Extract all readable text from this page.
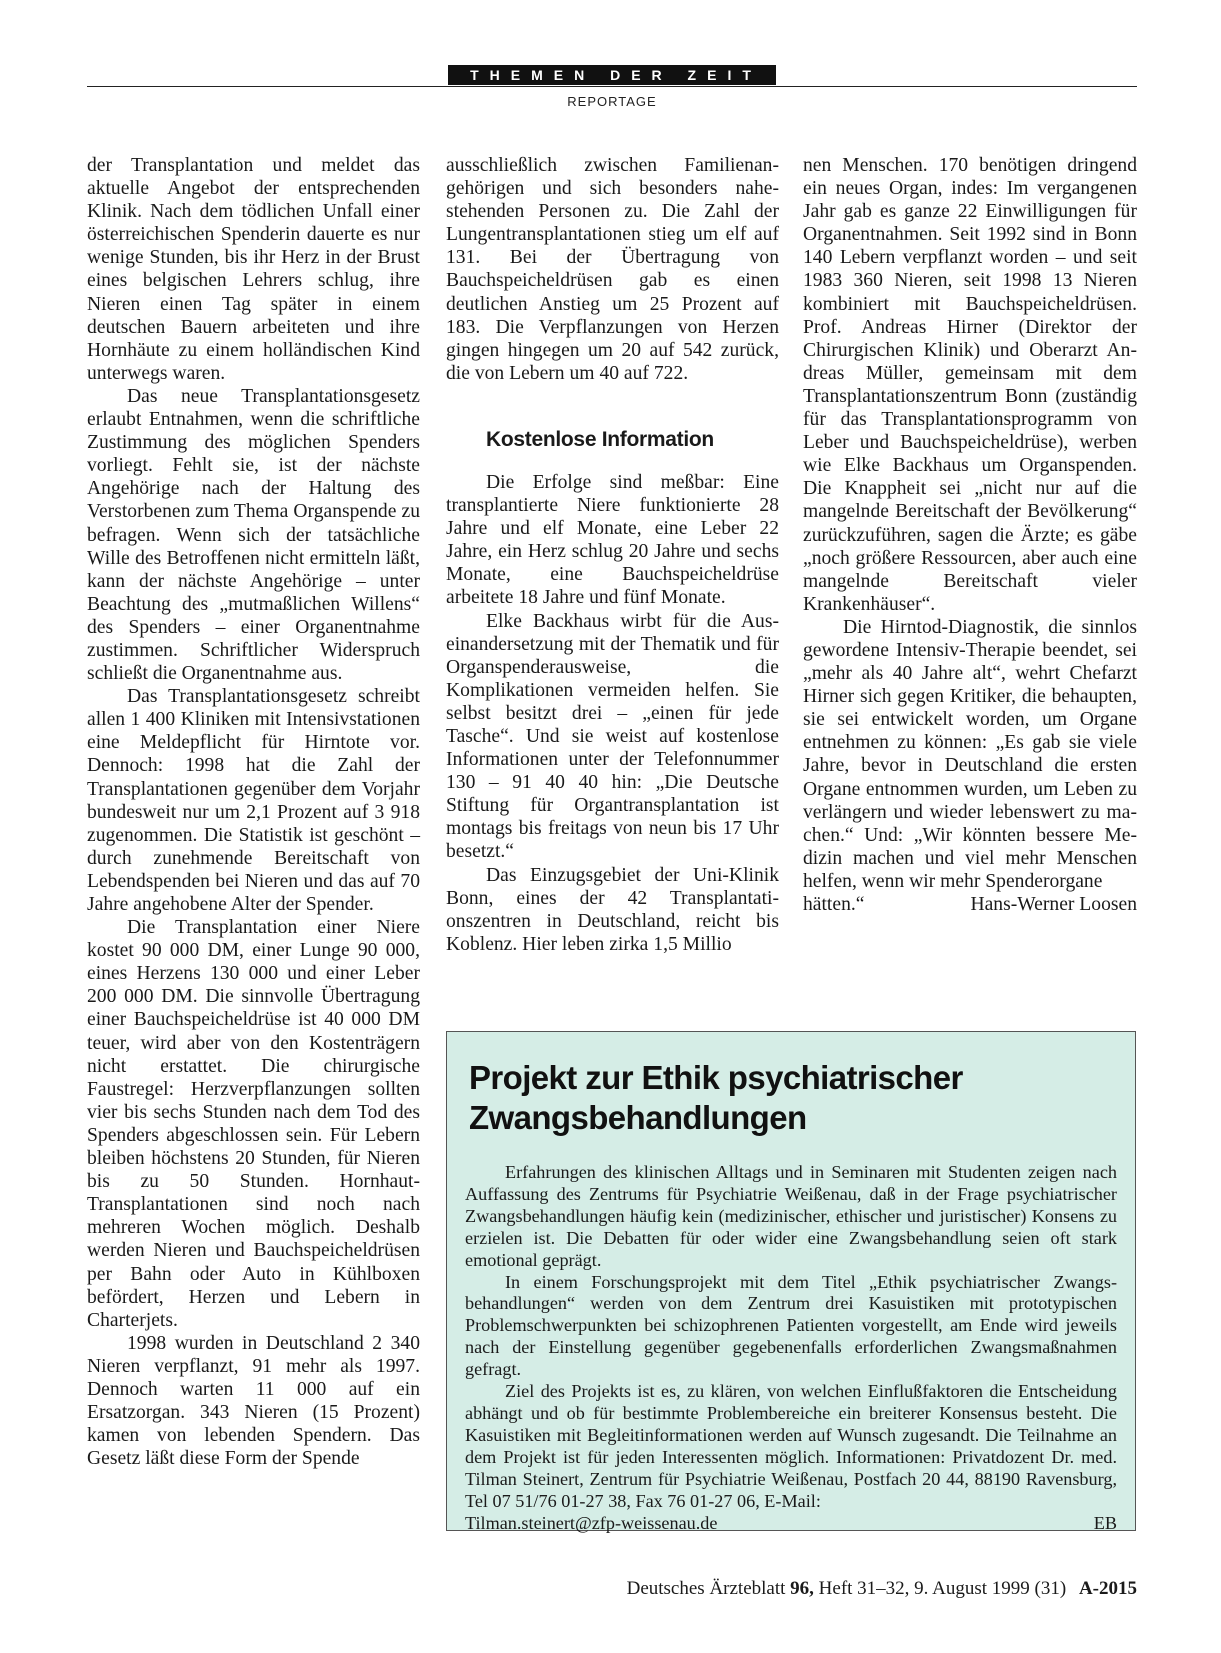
THEMEN DER ZEIT
REPORTAGE

der Transplantation und meldet das aktuelle Angebot der entsprechenden Klinik. Nach dem tödlichen Unfall einer österreichischen Spenderin dauerte es nur wenige Stunden, bis ihr Herz in der Brust eines belgischen Lehrers schlug, ihre Nieren einen Tag später in einem deutschen Bauern arbeiteten und ihre Hornhäute zu einem holländischen Kind unterwegs waren.

Das neue Transplantationsgesetz erlaubt Entnahmen, wenn die schriftliche Zustimmung des möglichen Spenders vorliegt. Fehlt sie, ist der nächste Angehörige nach der Haltung des Verstorbenen zum Thema Organspende zu befragen. Wenn sich der tatsächliche Wille des Betroffenen nicht ermitteln läßt, kann der nächste Angehörige – unter Beachtung des „mutmaßlichen Willens“ des Spenders – einer Organentnahme zustimmen. Schriftlicher Widerspruch schließt die Organentnahme aus.

Das Transplantationsgesetz schreibt allen 1 400 Kliniken mit Intensivstationen eine Meldepflicht für Hirntote vor. Dennoch: 1998 hat die Zahl der Transplantationen gegenüber dem Vorjahr bundesweit nur um 2,1 Prozent auf 3 918 zugenommen. Die Statistik ist geschönt – durch zunehmende Bereitschaft von Lebendspenden bei Nieren und das auf 70 Jahre angehobene Alter der Spender.

Die Transplantation einer Niere kostet 90 000 DM, einer Lunge 90 000, eines Herzens 130 000 und einer Leber 200 000 DM. Die sinnvolle Übertragung einer Bauchspeicheldrüse ist 40 000 DM teuer, wird aber von den Kostenträgern nicht erstattet. Die chirurgische Faustregel: Herzverpflanzungen sollten vier bis sechs Stunden nach dem Tod des Spenders abgeschlossen sein. Für Lebern bleiben höchstens 20 Stunden, für Nieren bis zu 50 Stunden. Hornhaut-Transplantationen sind noch nach mehreren Wochen möglich. Deshalb werden Nieren und Bauchspeicheldrüsen per Bahn oder Auto in Kühlboxen befördert, Herzen und Lebern in Charterjets.

1998 wurden in Deutschland 2 340 Nieren verpflanzt, 91 mehr als 1997. Dennoch warten 11 000 auf ein Ersatzorgan. 343 Nieren (15 Prozent) kamen von lebenden Spendern. Das Gesetz läßt diese Form der Spende

ausschließlich zwischen Familienangehörigen und sich besonders nahestehenden Personen zu. Die Zahl der Lungentransplantationen stieg um elf auf 131. Bei der Übertragung von Bauchspeicheldrüsen gab es einen deutlichen Anstieg um 25 Prozent auf 183. Die Verpflanzungen von Herzen gingen hingegen um 20 auf 542 zurück, die von Lebern um 40 auf 722.

Kostenlose Information

Die Erfolge sind meßbar: Eine transplantierte Niere funktionierte 28 Jahre und elf Monate, eine Leber 22 Jahre, ein Herz schlug 20 Jahre und sechs Monate, eine Bauchspeicheldrüse arbeitete 18 Jahre und fünf Monate.

Elke Backhaus wirbt für die Auseinandersetzung mit der Thematik und für Organspenderausweise, die Komplikationen vermeiden helfen. Sie selbst besitzt drei – „einen für jede Tasche“. Und sie weist auf kostenlose Informationen unter der Telefonnummer 130 – 91 40 40 hin: „Die Deutsche Stiftung für Organtransplantation ist montags bis freitags von neun bis 17 Uhr besetzt.“

Das Einzugsgebiet der Uni-Klinik Bonn, eines der 42 Transplantationszentren in Deutschland, reicht bis Koblenz. Hier leben zirka 1,5 Millio

nen Menschen. 170 benötigen dringend ein neues Organ, indes: Im vergangenen Jahr gab es ganze 22 Einwilligungen für Organentnahmen. Seit 1992 sind in Bonn 140 Lebern verpflanzt worden – und seit 1983 360 Nieren, seit 1998 13 Nieren kombiniert mit Bauchspeicheldrüsen. Prof. Andreas Hirner (Direktor der Chirurgischen Klinik) und Oberarzt Andreas Müller, gemeinsam mit dem Transplantationszentrum Bonn (zuständig für das Transplantationsprogramm von Leber und Bauchspeicheldrüse), werben wie Elke Backhaus um Organspenden. Die Knappheit sei „nicht nur auf die mangelnde Bereitschaft der Bevölkerung“ zurückzuführen, sagen die Ärzte; es gäbe „noch größere Ressourcen, aber auch eine mangelnde Bereitschaft vieler Krankenhäuser“.

Die Hirntod-Diagnostik, die sinnlos gewordene Intensiv-Therapie beendet, sei „mehr als 40 Jahre alt“, wehrt Chefarzt Hirner sich gegen Kritiker, die behaupten, sie sei entwickelt worden, um Organe entnehmen zu können: „Es gab sie viele Jahre, bevor in Deutschland die ersten Organe entnommen wurden, um Leben zu verlängern und wieder lebenswert zu machen.“ Und: „Wir könnten bessere Medizin machen und viel mehr Menschen helfen, wenn wir mehr Spenderorgane

hätten.“	Hans-Werner Loosen
Projekt zur Ethik psychiatrischer Zwangsbehandlungen

Erfahrungen des klinischen Alltags und in Seminaren mit Studenten zeigen nach Auffassung des Zentrums für Psychiatrie Weißenau, daß in der Frage psychiatrischer Zwangsbehandlungen häufig kein (medizinischer, ethischer und juristischer) Konsens zu erzielen ist. Die Debatten für oder wider eine Zwangsbehandlung seien oft stark emotional geprägt.

In einem Forschungsprojekt mit dem Titel „Ethik psychiatrischer Zwangsbehandlungen“ werden von dem Zentrum drei Kasuistiken mit prototypischen Problemschwerpunkten bei schizophrenen Patienten vorgestellt, am Ende wird jeweils nach der Einstellung gegenüber gegebenenfalls erforderlichen Zwangsmaßnahmen gefragt.

Ziel des Projekts ist es, zu klären, von welchen Einflußfaktoren die Entscheidung abhängt und ob für bestimmte Problembereiche ein breiterer Konsensus besteht. Die Kasuistiken mit Begleitinformationen werden auf Wunsch zugesandt. Die Teilnahme an dem Projekt ist für jeden Interessenten möglich. Informationen: Privatdozent Dr. med. Tilman Steinert, Zentrum für Psychiatrie Weißenau, Postfach 20 44, 88190 Ravensburg, Tel 07 51/76 01-27 38, Fax 76 01-27 06, E-Mail:

Tilman.steinert@zfp-weissenau.de	EB
Deutsches Ärzteblatt 96, Heft 31–32, 9. August 1999 (31) A-2015
